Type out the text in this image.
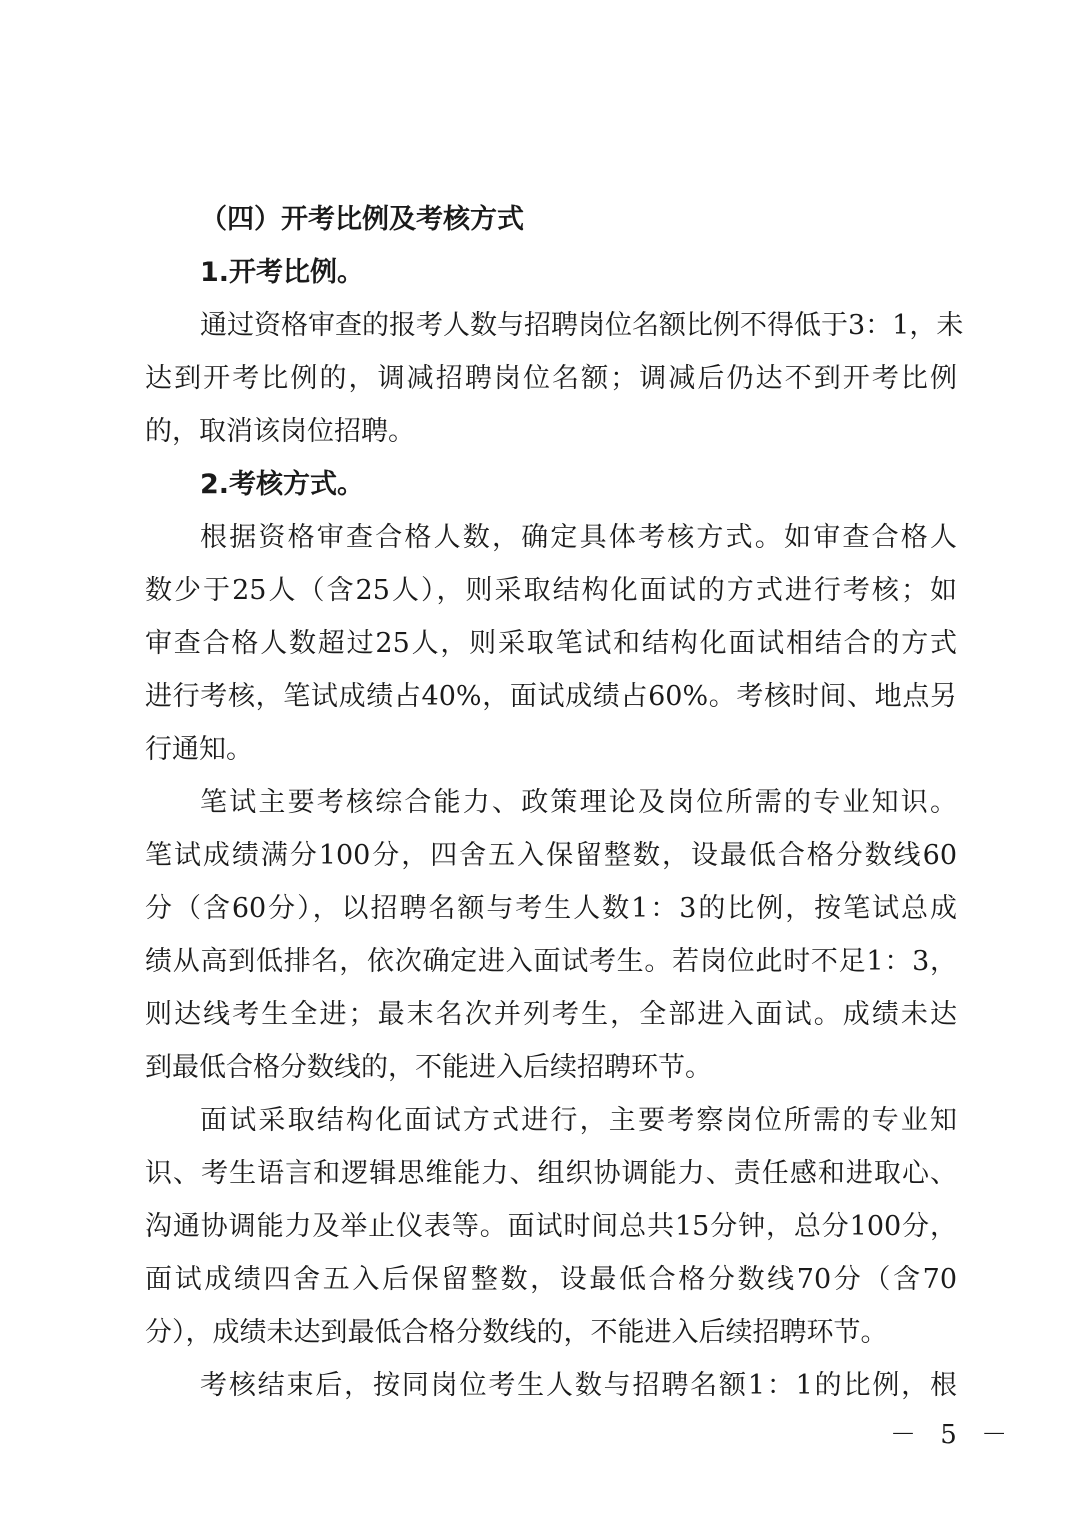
（四）开考比例及考核方式
1.开考比例。
通过资格审查的报考人数与招聘岗位名额比例不得低于3：1，未
达到开考比例的，调减招聘岗位名额；调减后仍达不到开考比例
的，取消该岗位招聘。
2.考核方式。
根据资格审查合格人数，确定具体考核方式。如审查合格人
数少于25人（含25人），则采取结构化面试的方式进行考核；如
审查合格人数超过25人，则采取笔试和结构化面试相结合的方式
进行考核，笔试成绩占40%，面试成绩占60%。考核时间、地点另
行通知。
笔试主要考核综合能力、政策理论及岗位所需的专业知识。
笔试成绩满分100分，四舍五入保留整数，设最低合格分数线60
分（含60分），以招聘名额与考生人数1：3的比例，按笔试总成
绩从高到低排名，依次确定进入面试考生。若岗位此时不足1：3，
则达线考生全进；最末名次并列考生，全部进入面试。成绩未达
到最低合格分数线的，不能进入后续招聘环节。
面试采取结构化面试方式进行，主要考察岗位所需的专业知
识、考生语言和逻辑思维能力、组织协调能力、责任感和进取心、
沟通协调能力及举止仪表等。面试时间总共15分钟，总分100分，
面试成绩四舍五入后保留整数，设最低合格分数线70分（含70
分），成绩未达到最低合格分数线的，不能进入后续招聘环节。
考核结束后，按同岗位考生人数与招聘名额1：1的比例，根
－ 5 －
